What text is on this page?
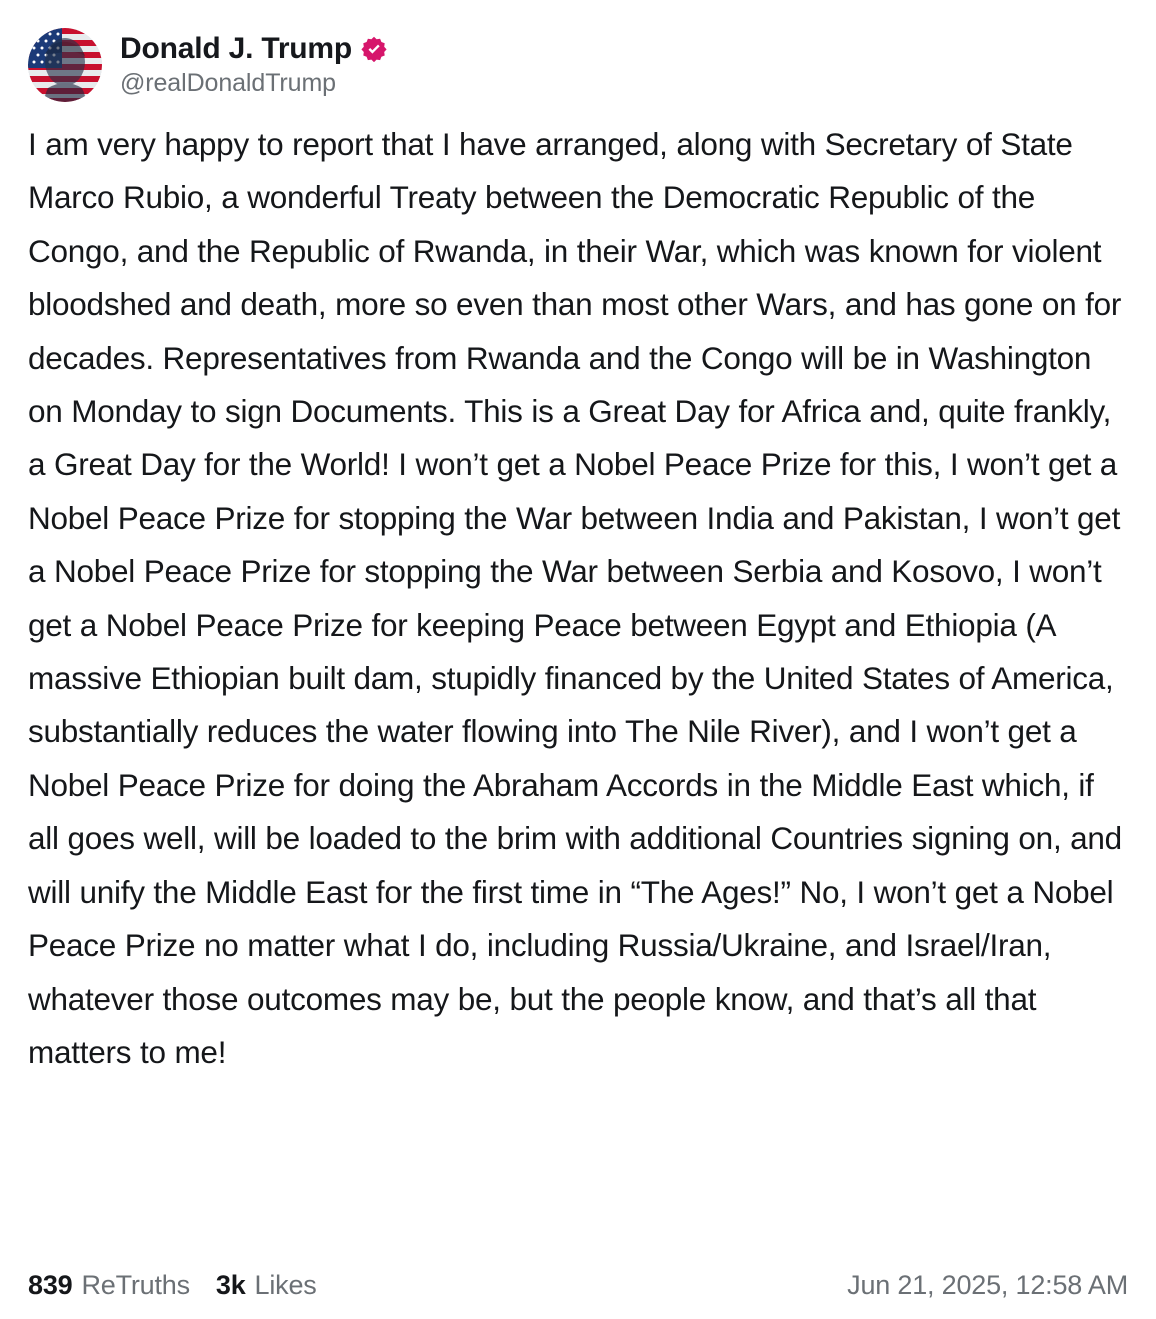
Donald J. Trump
@realDonaldTrump
I am very happy to report that I have arranged, along with Secretary of State Marco Rubio, a wonderful Treaty between the Democratic Republic of the Congo, and the Republic of Rwanda, in their War, which was known for violent bloodshed and death, more so even than most other Wars, and has gone on for decades. Representatives from Rwanda and the Congo will be in Washington on Monday to sign Documents. This is a Great Day for Africa and, quite frankly, a Great Day for the World! I won’t get a Nobel Peace Prize for this, I won’t get a Nobel Peace Prize for stopping the War between India and Pakistan, I won’t get a Nobel Peace Prize for stopping the War between Serbia and Kosovo, I won’t get a Nobel Peace Prize for keeping Peace between Egypt and Ethiopia (A massive Ethiopian built dam, stupidly financed by the United States of America, substantially reduces the water flowing into The Nile River), and I won’t get a Nobel Peace Prize for doing the Abraham Accords in the Middle East which, if all goes well, will be loaded to the brim with additional Countries signing on, and will unify the Middle East for the first time in “The Ages!” No, I won’t get a Nobel Peace Prize no matter what I do, including Russia/Ukraine, and Israel/Iran, whatever those outcomes may be, but the people know, and that’s all that matters to me!
839 ReTruths 3k Likes	Jun 21, 2025, 12:58 AM
